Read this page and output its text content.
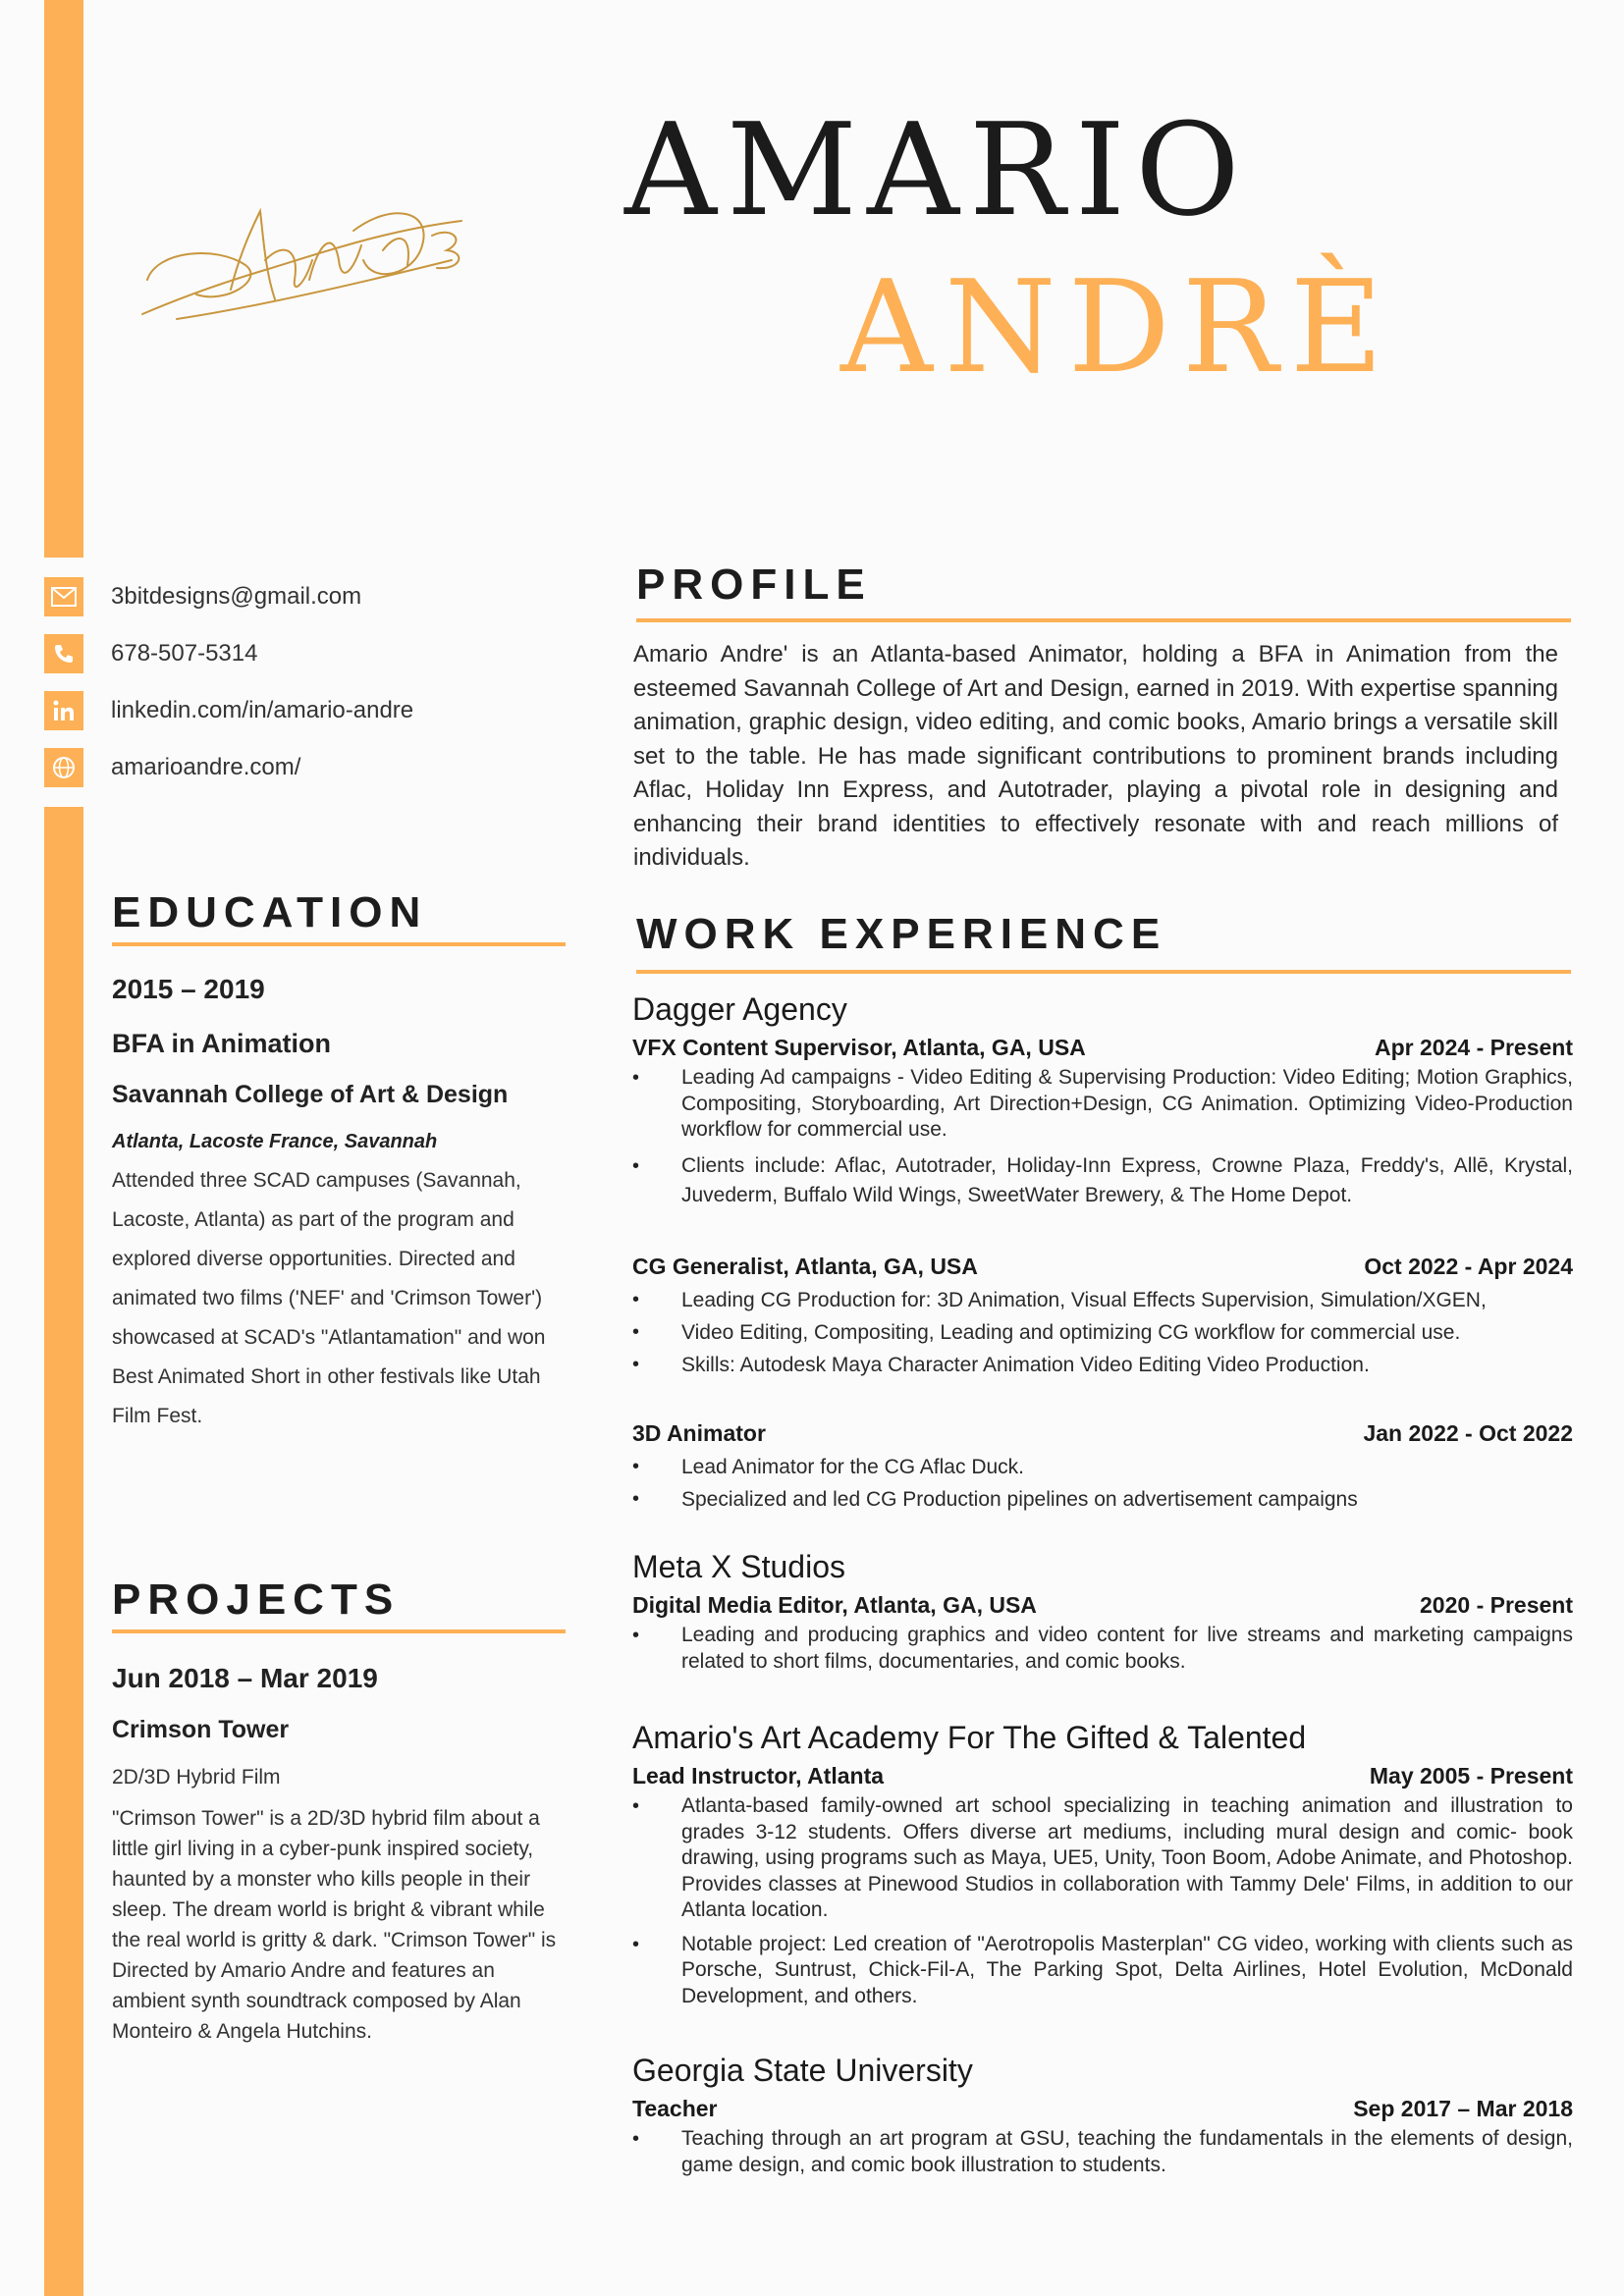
AMARIO
ANDRÈ
3bitdesigns@gmail.com
678-507-5314
linkedin.com/in/amario-andre
amarioandre.com/
EDUCATION
2015 – 2019
BFA in Animation
Savannah College of Art & Design
Atlanta, Lacoste France, Savannah
Attended three SCAD campuses (Savannah, Lacoste, Atlanta) as part of the program and explored diverse opportunities. Directed and animated two films ('NEF' and 'Crimson Tower') showcased at SCAD's "Atlantamation" and won Best Animated Short in other festivals like Utah Film Fest.
PROJECTS
Jun 2018 – Mar 2019
Crimson Tower
2D/3D Hybrid Film
"Crimson Tower" is a 2D/3D hybrid film about a little girl living in a cyber-punk inspired society, haunted by a monster who kills people in their sleep. The dream world is bright & vibrant while the real world is gritty & dark. "Crimson Tower" is Directed by Amario Andre and features an ambient synth soundtrack composed by Alan Monteiro & Angela Hutchins.
PROFILE
Amario Andre' is an Atlanta-based Animator, holding a BFA in Animation from the esteemed Savannah College of Art and Design, earned in 2019. With expertise spanning animation, graphic design, video editing, and comic books, Amario brings a versatile skill set to the table. He has made significant contributions to prominent brands including Aflac, Holiday Inn Express, and Autotrader, playing a pivotal role in designing and enhancing their brand identities to effectively resonate with and reach millions of individuals.
WORK EXPERIENCE
Dagger Agency
VFX Content Supervisor, Atlanta, GA, USA	Apr 2024 - Present
• Leading Ad campaigns - Video Editing & Supervising Production: Video Editing; Motion Graphics, Compositing, Storyboarding, Art Direction+Design, CG Animation. Optimizing Video-Production workflow for commercial use.
• Clients include: Aflac, Autotrader, Holiday-Inn Express, Crowne Plaza, Freddy's, Allē, Krystal, Juvederm, Buffalo Wild Wings, SweetWater Brewery, & The Home Depot.
CG Generalist, Atlanta, GA, USA	Oct 2022 - Apr 2024
• Leading CG Production for: 3D Animation, Visual Effects Supervision, Simulation/XGEN,
• Video Editing, Compositing, Leading and optimizing CG workflow for commercial use.
• Skills: Autodesk Maya Character Animation Video Editing Video Production.
3D Animator	Jan 2022 - Oct 2022
• Lead Animator for the CG Aflac Duck.
• Specialized and led CG Production pipelines on advertisement campaigns
Meta X Studios
Digital Media Editor, Atlanta, GA, USA	2020 - Present
• Leading and producing graphics and video content for live streams and marketing campaigns related to short films, documentaries, and comic books.
Amario's Art Academy For The Gifted & Talented
Lead Instructor, Atlanta	May 2005 - Present
• Atlanta-based family-owned art school specializing in teaching animation and illustration to grades 3-12 students. Offers diverse art mediums, including mural design and comic- book drawing, using programs such as Maya, UE5, Unity, Toon Boom, Adobe Animate, and Photoshop. Provides classes at Pinewood Studios in collaboration with Tammy Dele' Films, in addition to our Atlanta location.
• Notable project: Led creation of "Aerotropolis Masterplan" CG video, working with clients such as Porsche, Suntrust, Chick-Fil-A, The Parking Spot, Delta Airlines, Hotel Evolution, McDonald Development, and others.
Georgia State University
Teacher	Sep 2017 – Mar 2018
• Teaching through an art program at GSU, teaching the fundamentals in the elements of design, game design, and comic book illustration to students.
